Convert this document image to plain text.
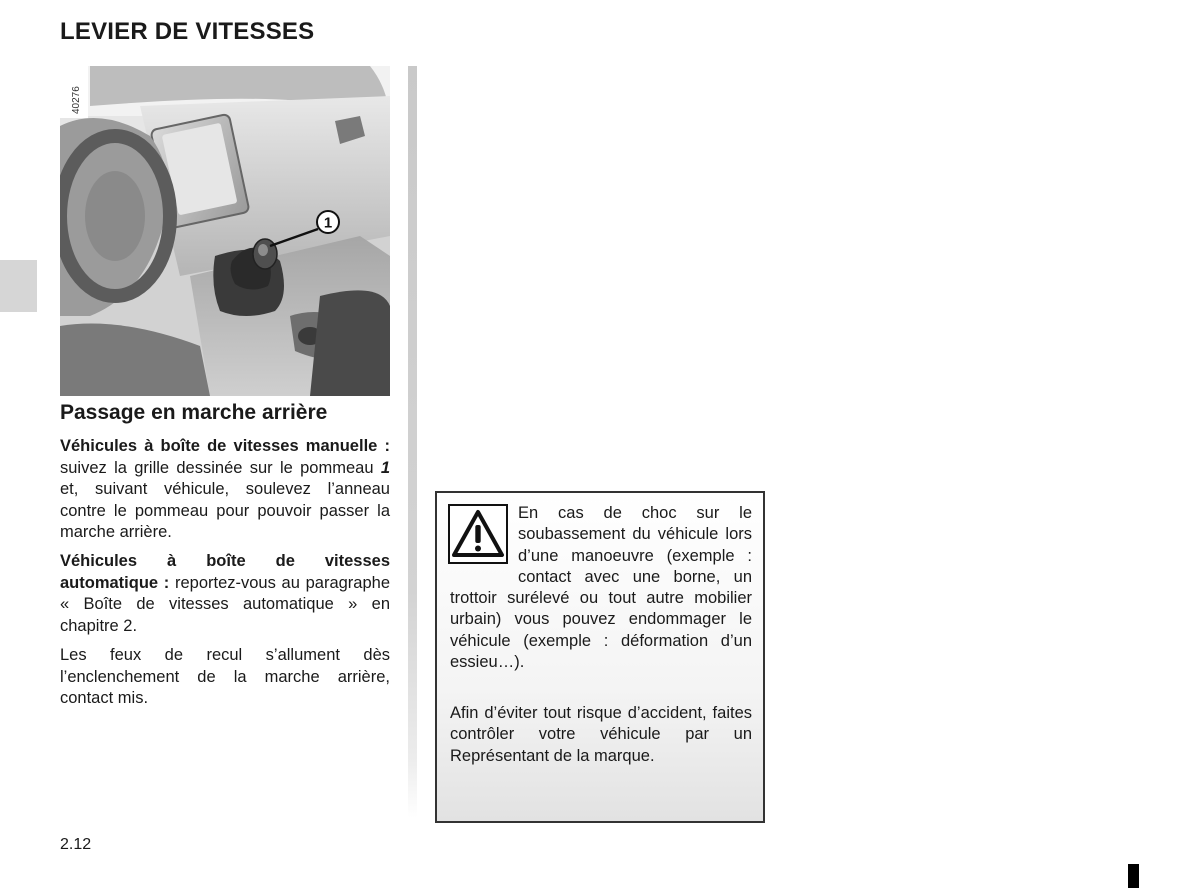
LEVIER DE VITESSES
1
40276
Passage en marche arrière

Véhicules à boîte de vitesses manuelle : suivez la grille dessinée sur le pommeau 1 et, suivant véhicule, soulevez l’anneau contre le pommeau pour pouvoir passer la marche arrière.

Véhicules à boîte de vitesses automatique : reportez-vous au paragraphe « Boîte de vitesses automatique » en chapitre 2.

Les feux de recul s’allument dès l’enclenchement de la marche arrière, contact mis.

En cas de choc sur le soubassement du véhicule lors d’une manoeuvre (exemple : contact avec une borne, un trottoir surélevé ou tout autre mobilier urbain) vous pouvez endommager le véhicule (exemple : déformation d’un essieu…).

Afin d’éviter tout risque d’accident, faites contrôler votre véhicule par un Représentant de la marque.

2.12
